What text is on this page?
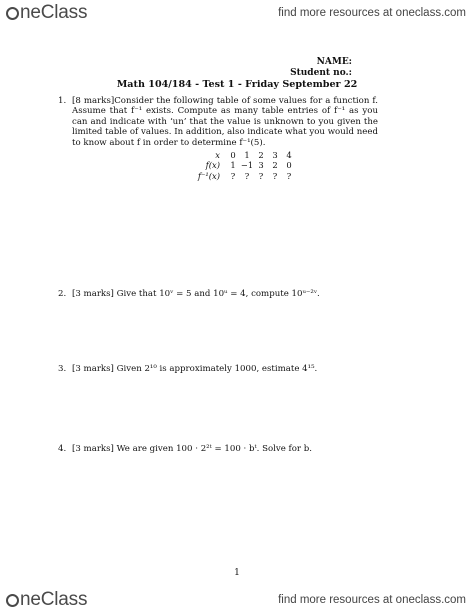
neClass	find more resources at oneclass.com
NAME:
Student no.:
Math 104/184 - Test 1 - Friday September 22
1. [8 marks]Consider the following table of some values for a function f. Assume that f⁻¹ exists. Compute as many table entries of f⁻¹ as you can and indicate with ‘un’ that the value is unknown to you given the limited table of values. In addition, also indicate what you would need to know about f in order to determine f⁻¹(5).
x	0	1	2	3	4
f(x)	1	−1	3	2	0
f⁻¹(x)	?	?	?	?	?
2. [3 marks] Give that 10ᵛ = 5 and 10ᵘ = 4, compute 10ᵘ⁻²ᵛ.
3. [3 marks] Given 2¹⁰ is approximately 1000, estimate 4¹⁵.
4. [3 marks] We are given 100 · 2²ᵗ = 100 · bᵗ. Solve for b.
1
neClass	find more resources at oneclass.com
